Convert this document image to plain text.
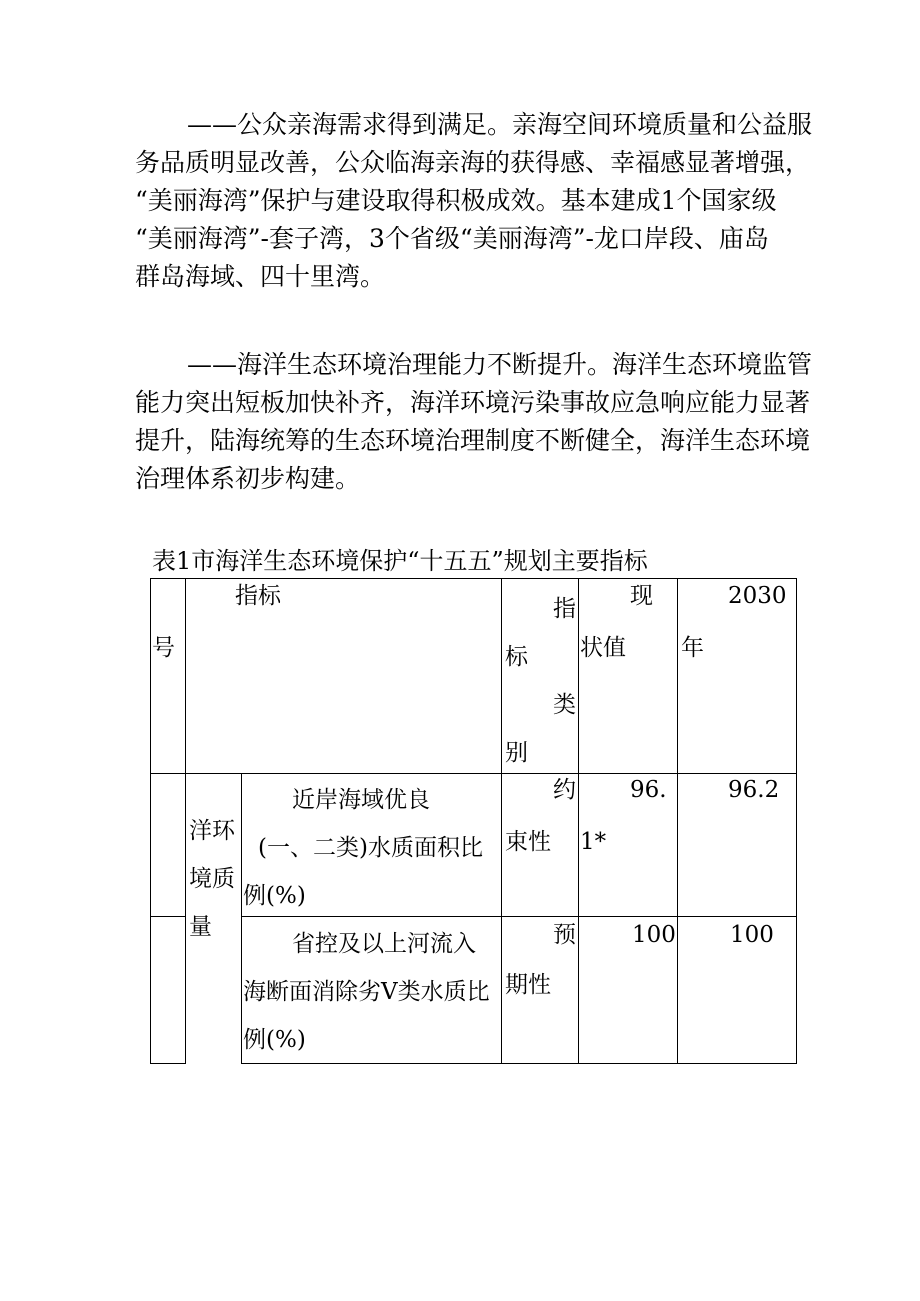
——公众亲海需求得到满足。亲海空间环境质量和公益服
务品质明显改善，公众临海亲海的获得感、幸福感显著增强，
“美丽海湾”保护与建设取得积极成效。基本建成1个国家级
“美丽海湾”-套子湾，3个省级“美丽海湾”-龙口岸段、庙岛
群岛海域、四十里湾。
——海洋生态环境治理能力不断提升。海洋生态环境监管
能力突出短板加快补齐，海洋环境污染事故应急响应能力显著
提升，陆海统筹的生态环境治理制度不断健全，海洋生态环境
治理体系初步构建。
表1市海洋生态环境保护“十五五”规划主要指标
号
指标	指
标
类
别
现
状值
2030
年
洋环
境质
量
近岸海域优良
(一、二类)水质面积比
例(%)
约
束性
96.
1*
96.2
省控及以上河流入
海断面消除劣V类水质比
例(%)
预
期性
100 100
